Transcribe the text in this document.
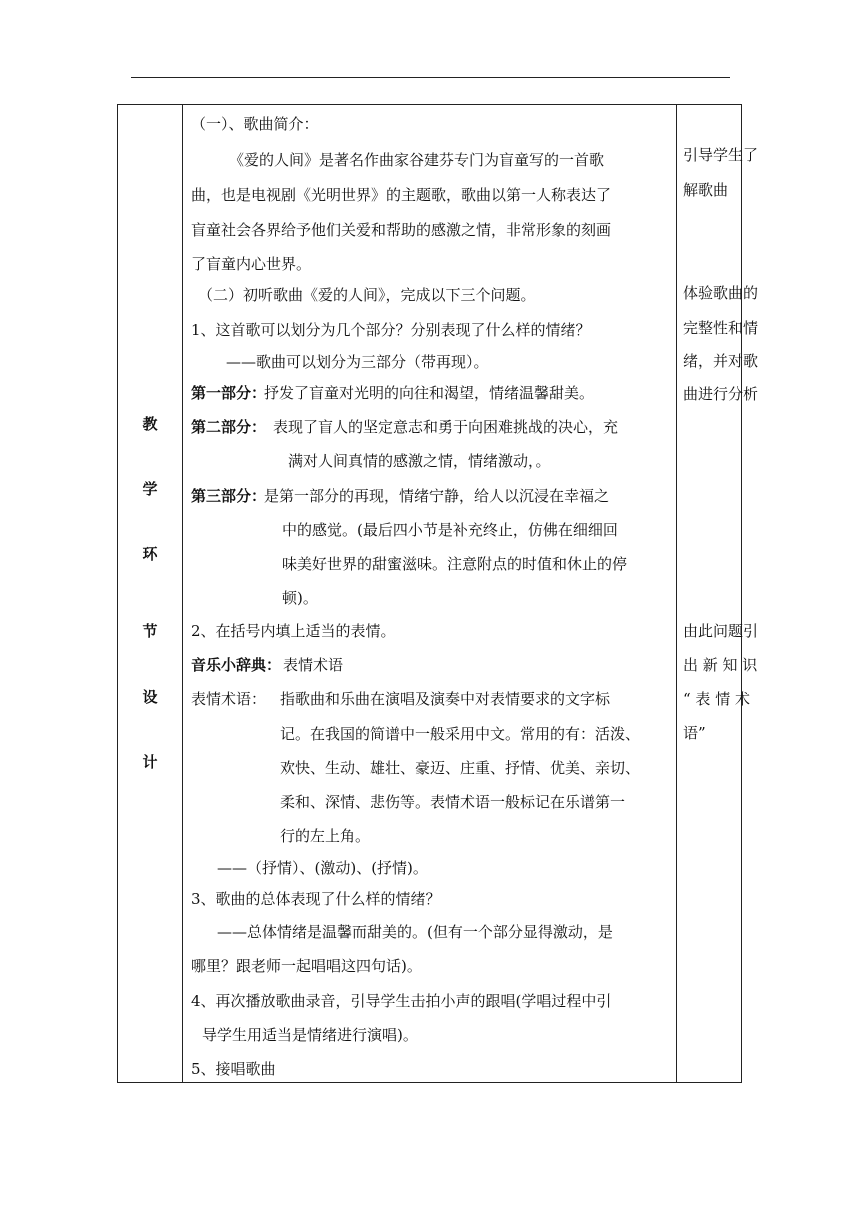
教
学
环
节
设
计
（一）、歌曲简介：
《爱的人间》是著名作曲家谷建芬专门为盲童写的一首歌
曲，也是电视剧《光明世界》的主题歌，歌曲以第一人称表达了
盲童社会各界给予他们关爱和帮助的感激之情，非常形象的刻画
了盲童内心世界。
（二）初听歌曲《爱的人间》，完成以下三个问题。
1、这首歌可以划分为几个部分？分别表现了什么样的情绪？
——歌曲可以划分为三部分（带再现）。
第一部分：
抒发了盲童对光明的向往和渴望，情绪温馨甜美。
第二部分： 表现了盲人的坚定意志和勇于向困难挑战的决心，充
满对人间真情的感激之情，情绪激动，。
第三部分：
是第一部分的再现，情绪宁静，给人以沉浸在幸福之
中的感觉。(最后四小节是补充终止，仿佛在细细回
味美好世界的甜蜜滋味。注意附点的时值和休止的停
顿)。
2、在括号内填上适当的表情。
音乐小辞典： 表情术语
表情术语： 指歌曲和乐曲在演唱及演奏中对表情要求的文字标
记。在我国的简谱中一般采用中文。常用的有：活泼、
欢快、生动、雄壮、豪迈、庄重、抒情、优美、亲切、
柔和、深情、悲伤等。表情术语一般标记在乐谱第一
行的左上角。
——（抒情）、(激动)、(抒情)。
3、歌曲的总体表现了什么样的情绪？
——总体情绪是温馨而甜美的。(但有一个部分显得激动，是
哪里？跟老师一起唱唱这四句话)。
4、再次播放歌曲录音，引导学生击拍小声的跟唱(学唱过程中引
导学生用适当是情绪进行演唱)。
5、接唱歌曲
引导学生了
解歌曲
体验歌曲的
完整性和情
绪，并对歌
曲进行分析
由此问题引
出 新 知 识
“ 表 情 术
语”
